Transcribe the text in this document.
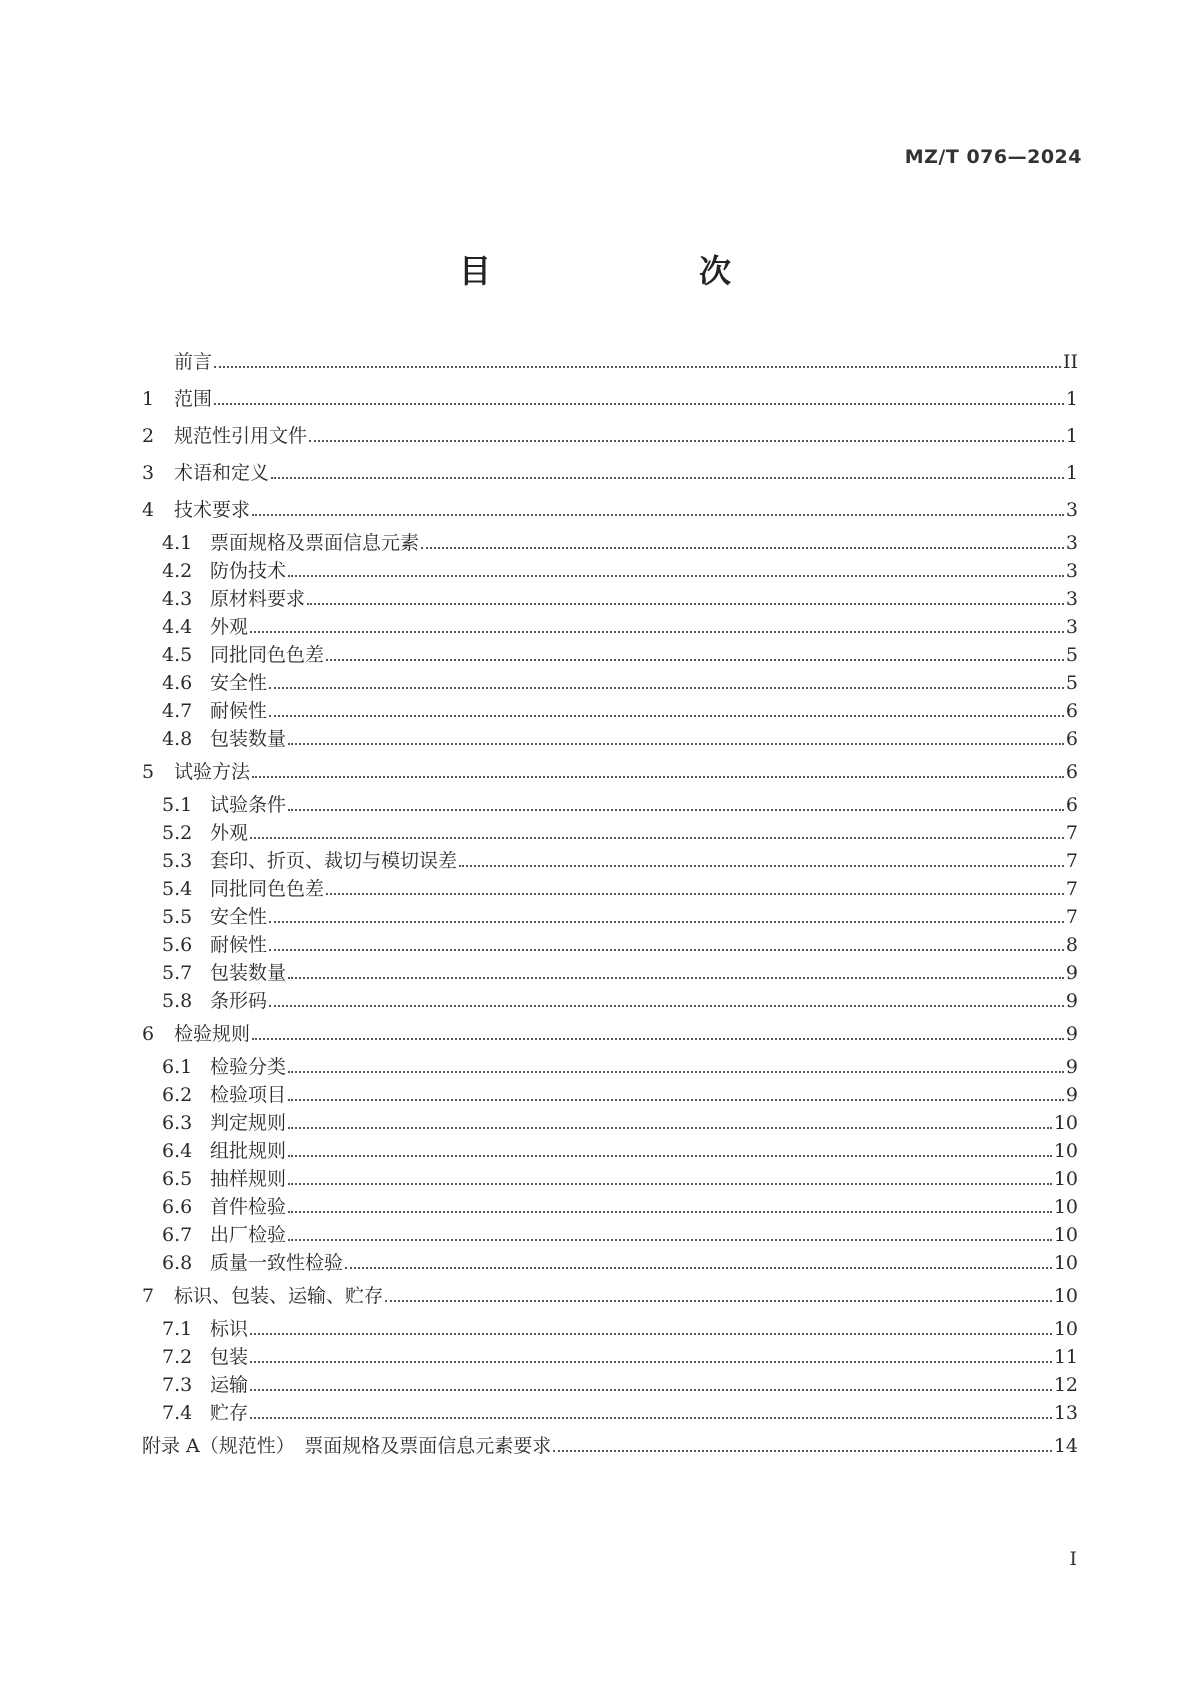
MZ/T 076—2024
目　次
前言	II
1	范围	1
2	规范性引用文件	1
3	术语和定义	1
4	技术要求	3
4.1 票面规格及票面信息元素	3
4.2 防伪技术	3
4.3 原材料要求	3
4.4 外观	3
4.5 同批同色色差	5
4.6 安全性	5
4.7 耐候性	6
4.8 包装数量	6
5	试验方法	6
5.1 试验条件	6
5.2 外观	7
5.3 套印、折页、裁切与模切误差	7
5.4 同批同色色差	7
5.5 安全性	7
5.6 耐候性	8
5.7 包装数量	9
5.8 条形码	9
6	检验规则	9
6.1 检验分类	9
6.2 检验项目	9
6.3 判定规则	10
6.4 组批规则	10
6.5 抽样规则	10
6.6 首件检验	10
6.7 出厂检验	10
6.8 质量一致性检验	10
7	标识、包装、运输、贮存	10
7.1 标识	10
7.2 包装	11
7.3 运输	12
7.4 贮存	13
附录 A（规范性）　票面规格及票面信息元素要求	14
I
